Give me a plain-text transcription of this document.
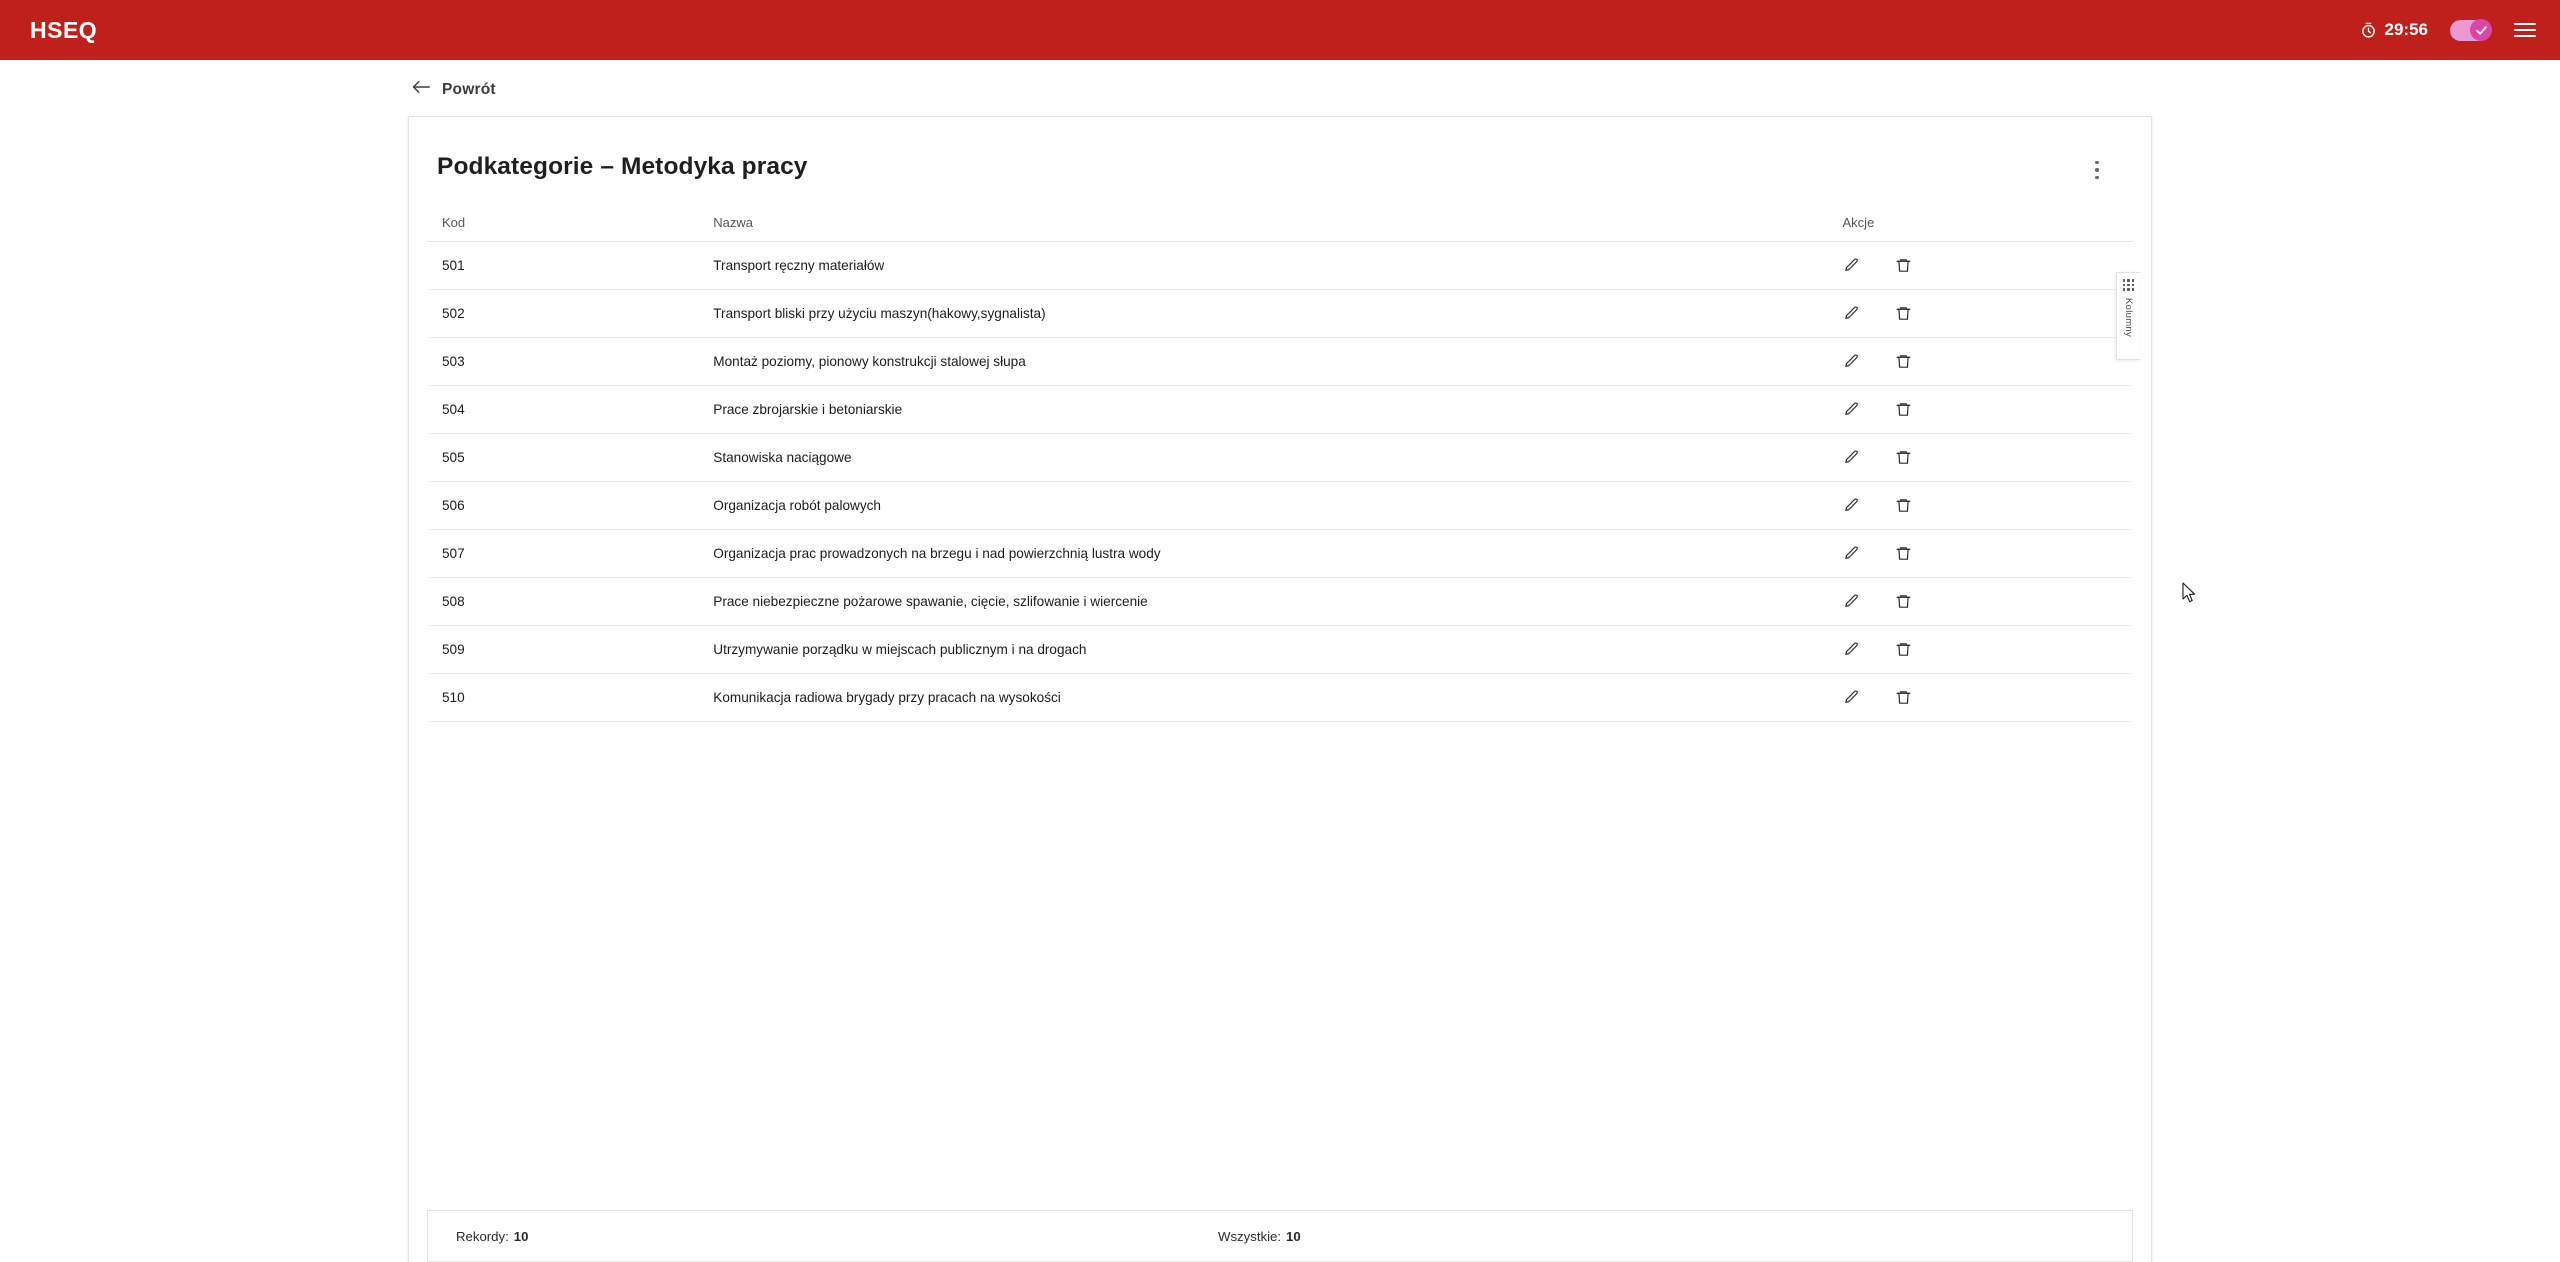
HSEQ	29:56
Powrót
Podkategorie – Metodyka pracy
Kod	Nazwa	Akcje
501	Transport ręczny materiałów	

502	Transport bliski przy użyciu maszyn(hakowy,sygnalista)	

503	Montaż poziomy, pionowy konstrukcji stalowej słupa	

504	Prace zbrojarskie i betoniarskie	

505	Stanowiska naciągowe	

506	Organizacja robót palowych	

507	Organizacja prac prowadzonych na brzegu i nad powierzchnią lustra wody	

508	Prace niebezpieczne pożarowe spawanie, cięcie, szlifowanie i wiercenie	

509	Utrzymywanie porządku w miejscach publicznym i na drogach	

510	Komunikacja radiowa brygady przy pracach na wysokości	
Rekordy: 10	Wszystkie: 10
Kolumny
